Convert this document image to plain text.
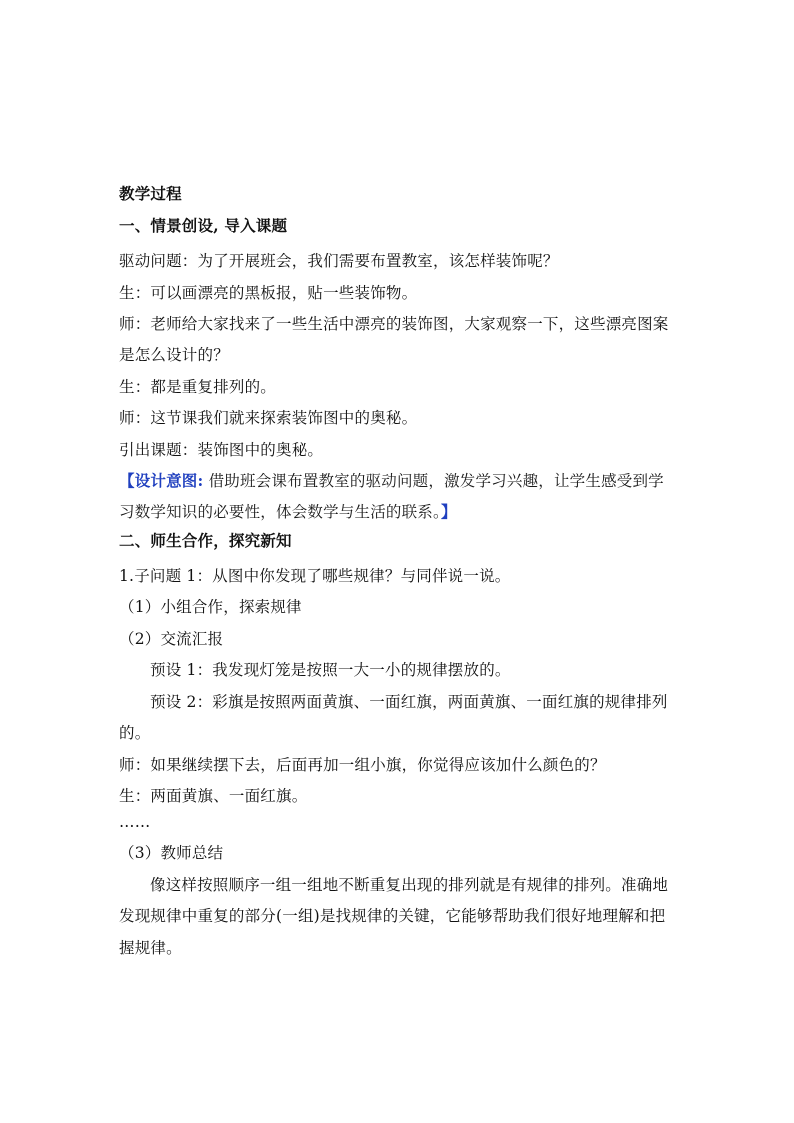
教学过程
一、情景创设, 导入课题
驱动问题：为了开展班会，我们需要布置教室，该怎样装饰呢？
生：可以画漂亮的黑板报，贴一些装饰物。
师：老师给大家找来了一些生活中漂亮的装饰图，大家观察一下，这些漂亮图案
是怎么设计的？
生：都是重复排列的。
师：这节课我们就来探索装饰图中的奥秘。
引出课题：装饰图中的奥秘。
【设计意图: 借助班会课布置教室的驱动问题，激发学习兴趣，让学生感受到学
习数学知识的必要性，体会数学与生活的联系。】
二、师生合作，探究新知
1.子问题 1：从图中你发现了哪些规律？与同伴说一说。
（1）小组合作，探索规律
（2）交流汇报
预设 1：我发现灯笼是按照一大一小的规律摆放的。
预设 2：彩旗是按照两面黄旗、一面红旗，两面黄旗、一面红旗的规律排列
的。
师：如果继续摆下去，后面再加一组小旗，你觉得应该加什么颜色的？
生：两面黄旗、一面红旗。
……
（3）教师总结
像这样按照顺序一组一组地不断重复出现的排列就是有规律的排列。准确地
发现规律中重复的部分(一组)是找规律的关键，它能够帮助我们很好地理解和把
握规律。
